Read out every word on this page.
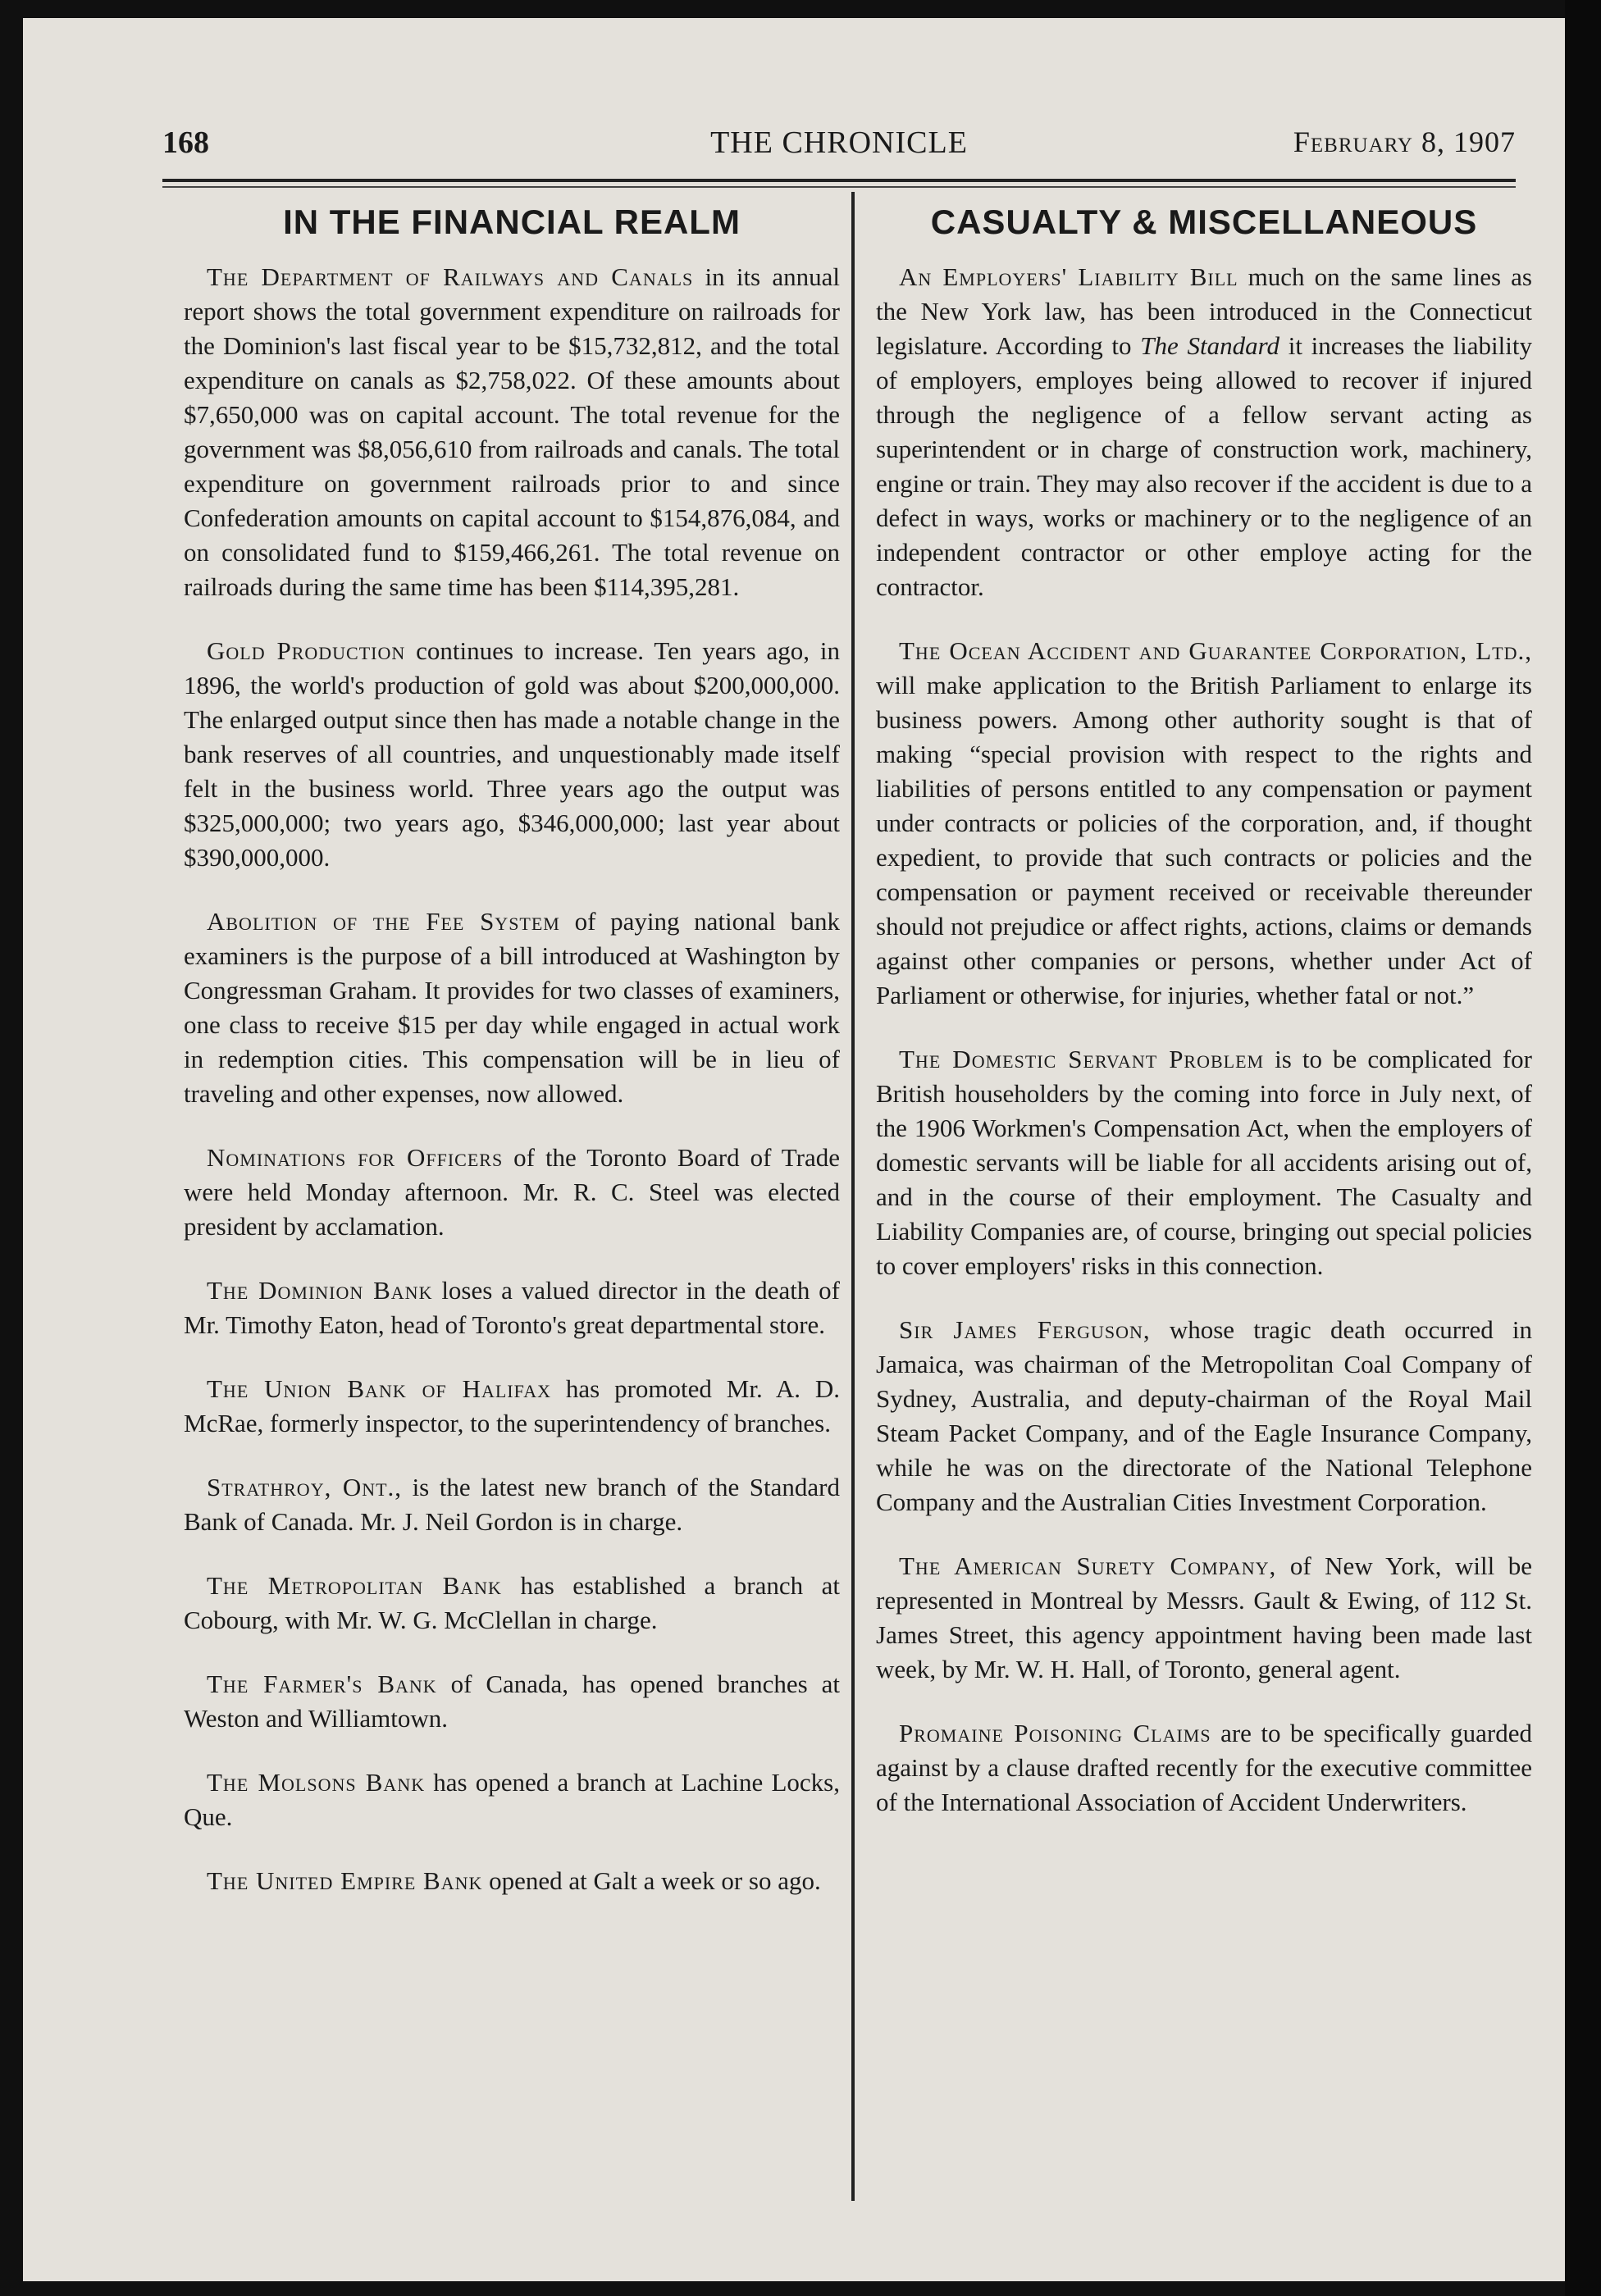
168	THE CHRONICLE	February 8, 1907
IN THE FINANCIAL REALM

The Department of Railways and Canals in its annual report shows the total government expenditure on railroads for the Dominion's last fiscal year to be $15,732,812, and the total expenditure on canals as $2,758,022. Of these amounts about $7,650,000 was on capital account. The total revenue for the government was $8,056,610 from railroads and canals. The total expenditure on government railroads prior to and since Confederation amounts on capital account to $154,876,084, and on consolidated fund to $159,466,261. The total revenue on railroads during the same time has been $114,395,281.

Gold Production continues to increase. Ten years ago, in 1896, the world's production of gold was about $200,000,000. The enlarged output since then has made a notable change in the bank reserves of all countries, and unquestionably made itself felt in the business world. Three years ago the output was $325,000,000; two years ago, $346,000,000; last year about $390,000,000.

Abolition of the Fee System of paying national bank examiners is the purpose of a bill introduced at Washington by Congressman Graham. It provides for two classes of examiners, one class to receive $15 per day while engaged in actual work in redemption cities. This compensation will be in lieu of traveling and other expenses, now allowed.

Nominations for Officers of the Toronto Board of Trade were held Monday afternoon. Mr. R. C. Steel was elected president by acclamation.

The Dominion Bank loses a valued director in the death of Mr. Timothy Eaton, head of Toronto's great departmental store.

The Union Bank of Halifax has promoted Mr. A. D. McRae, formerly inspector, to the superintendency of branches.

Strathroy, Ont., is the latest new branch of the Standard Bank of Canada. Mr. J. Neil Gordon is in charge.

The Metropolitan Bank has established a branch at Cobourg, with Mr. W. G. McClellan in charge.

The Farmer's Bank of Canada, has opened branches at Weston and Williamtown.

The Molsons Bank has opened a branch at Lachine Locks, Que.

The United Empire Bank opened at Galt a week or so ago.

CASUALTY & MISCELLANEOUS

An Employers' Liability Bill much on the same lines as the New York law, has been introduced in the Connecticut legislature. According to The Standard it increases the liability of employers, employes being allowed to recover if injured through the negligence of a fellow servant acting as superintendent or in charge of construction work, machinery, engine or train. They may also recover if the accident is due to a defect in ways, works or machinery or to the negligence of an independent contractor or other employe acting for the contractor.

The Ocean Accident and Guarantee Corporation, Ltd., will make application to the British Parliament to enlarge its business powers. Among other authority sought is that of making “special provision with respect to the rights and liabilities of persons entitled to any compensation or payment under contracts or policies of the corporation, and, if thought expedient, to provide that such contracts or policies and the compensation or payment received or receivable thereunder should not prejudice or affect rights, actions, claims or demands against other companies or persons, whether under Act of Parliament or otherwise, for injuries, whether fatal or not.”

The Domestic Servant Problem is to be complicated for British householders by the coming into force in July next, of the 1906 Workmen's Compensation Act, when the employers of domestic servants will be liable for all accidents arising out of, and in the course of their employment. The Casualty and Liability Companies are, of course, bringing out special policies to cover employers' risks in this connection.

Sir James Ferguson, whose tragic death occurred in Jamaica, was chairman of the Metropolitan Coal Company of Sydney, Australia, and deputy-chairman of the Royal Mail Steam Packet Company, and of the Eagle Insurance Company, while he was on the directorate of the National Telephone Company and the Australian Cities Investment Corporation.

The American Surety Company, of New York, will be represented in Montreal by Messrs. Gault & Ewing, of 112 St. James Street, this agency appointment having been made last week, by Mr. W. H. Hall, of Toronto, general agent.

Promaine Poisoning Claims are to be specifically guarded against by a clause drafted recently for the executive committee of the International Association of Accident Underwriters.
